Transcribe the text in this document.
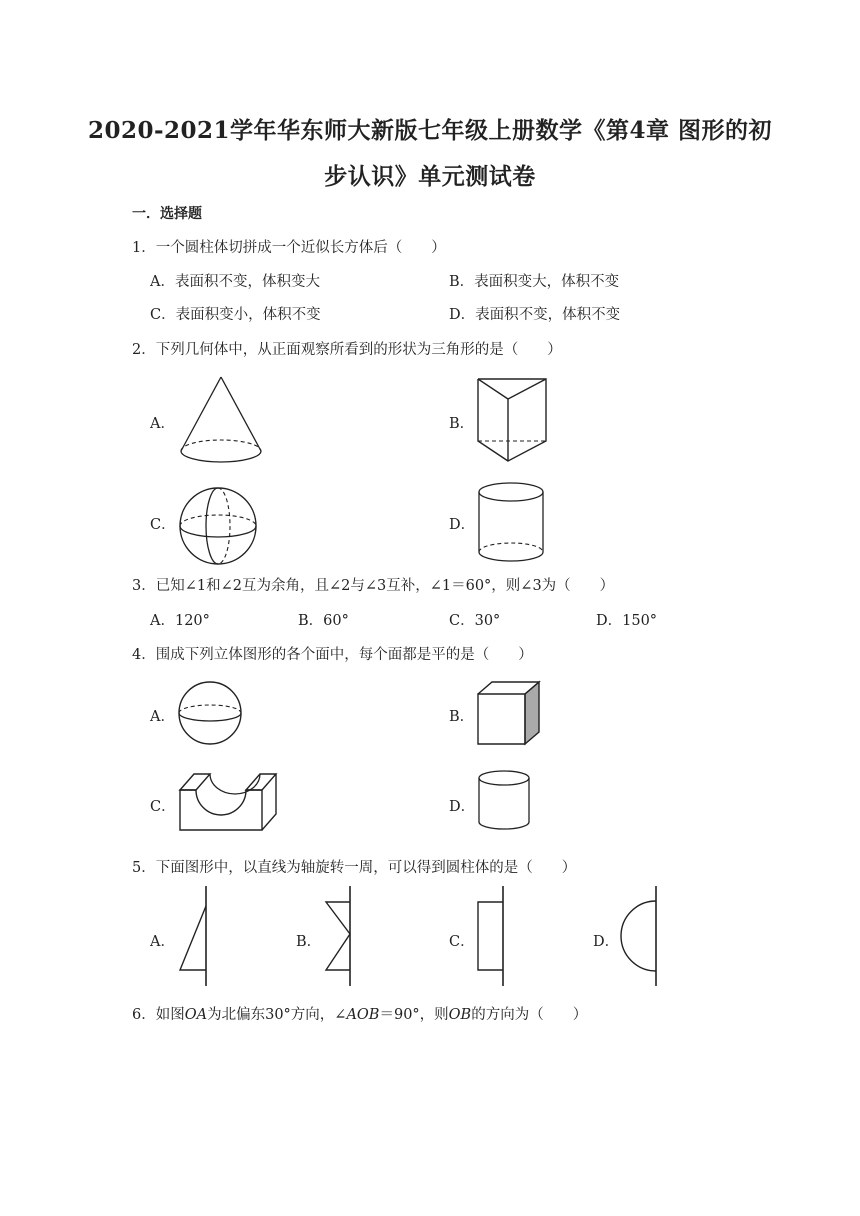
2020-2021学年华东师大新版七年级上册数学《第4章 图形的初
步认识》单元测试卷
一．选择题
1．一个圆柱体切拼成一个近似长方体后（　　）
A．表面积不变，体积变大	B．表面积变大，体积不变
C．表面积变小，体积不变	D．表面积不变，体积不变
2．下列几何体中，从正面观察所看到的形状为三角形的是（　　）
A．	B．
C．	D．
3．已知∠1和∠2互为余角，且∠2与∠3互补，∠1＝60°，则∠3为（　　）
A．120°	B．60°	C．30°	D．150°
4．围成下列立体图形的各个面中，每个面都是平的是（　　）
A．	B．
C．	D．
5．下面图形中，以直线为轴旋转一周，可以得到圆柱体的是（　　）
A．	B．	C．	D．
6．如图OA为北偏东30°方向，∠AOB＝90°，则OB的方向为（　　）
